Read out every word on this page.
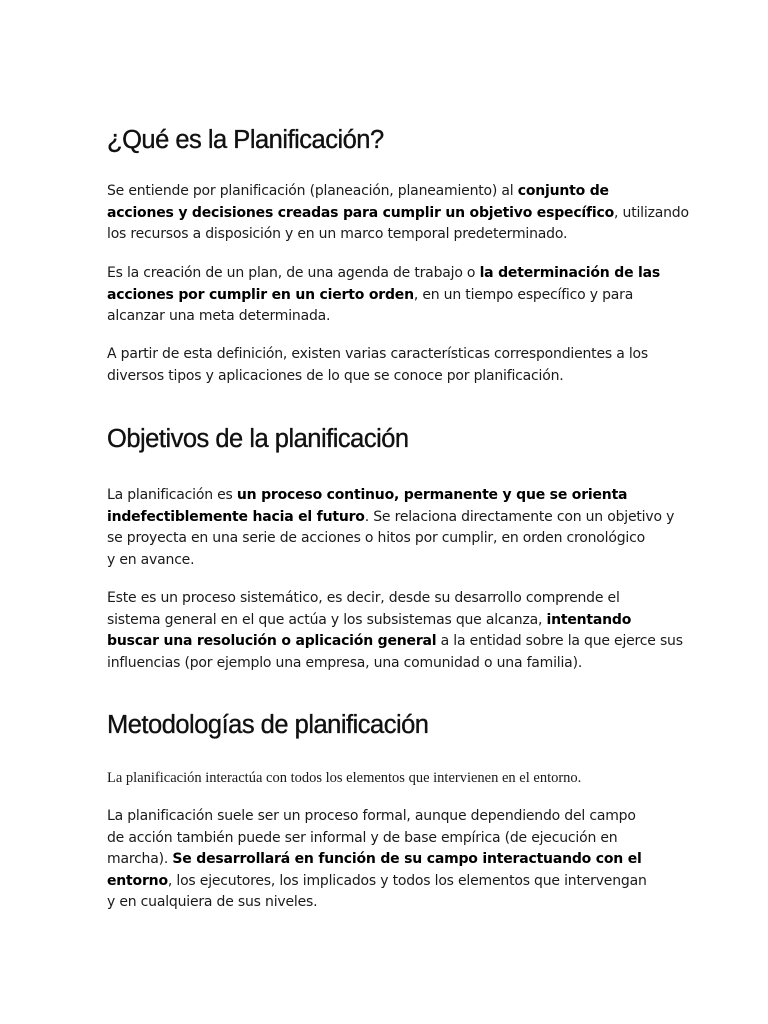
¿Qué es la Planificación?

Se entiende por planificación (planeación, planeamiento) al conjunto de
acciones y decisiones creadas para cumplir un objetivo específico, utilizando
los recursos a disposición y en un marco temporal predeterminado.

Es la creación de un plan, de una agenda de trabajo o la determinación de las
acciones por cumplir en un cierto orden, en un tiempo específico y para
alcanzar una meta determinada.

A partir de esta definición, existen varias características correspondientes a los
diversos tipos y aplicaciones de lo que se conoce por planificación.

Objetivos de la planificación

La planificación es un proceso continuo, permanente y que se orienta
indefectiblemente hacia el futuro. Se relaciona directamente con un objetivo y
se proyecta en una serie de acciones o hitos por cumplir, en orden cronológico
y en avance.

Este es un proceso sistemático, es decir, desde su desarrollo comprende el
sistema general en el que actúa y los subsistemas que alcanza, intentando
buscar una resolución o aplicación general a la entidad sobre la que ejerce sus
influencias (por ejemplo una empresa, una comunidad o una familia).

Metodologías de planificación

La planificación interactúa con todos los elementos que intervienen en el entorno.

La planificación suele ser un proceso formal, aunque dependiendo del campo
de acción también puede ser informal y de base empírica (de ejecución en
marcha). Se desarrollará en función de su campo interactuando con el
entorno, los ejecutores, los implicados y todos los elementos que intervengan
y en cualquiera de sus niveles.
